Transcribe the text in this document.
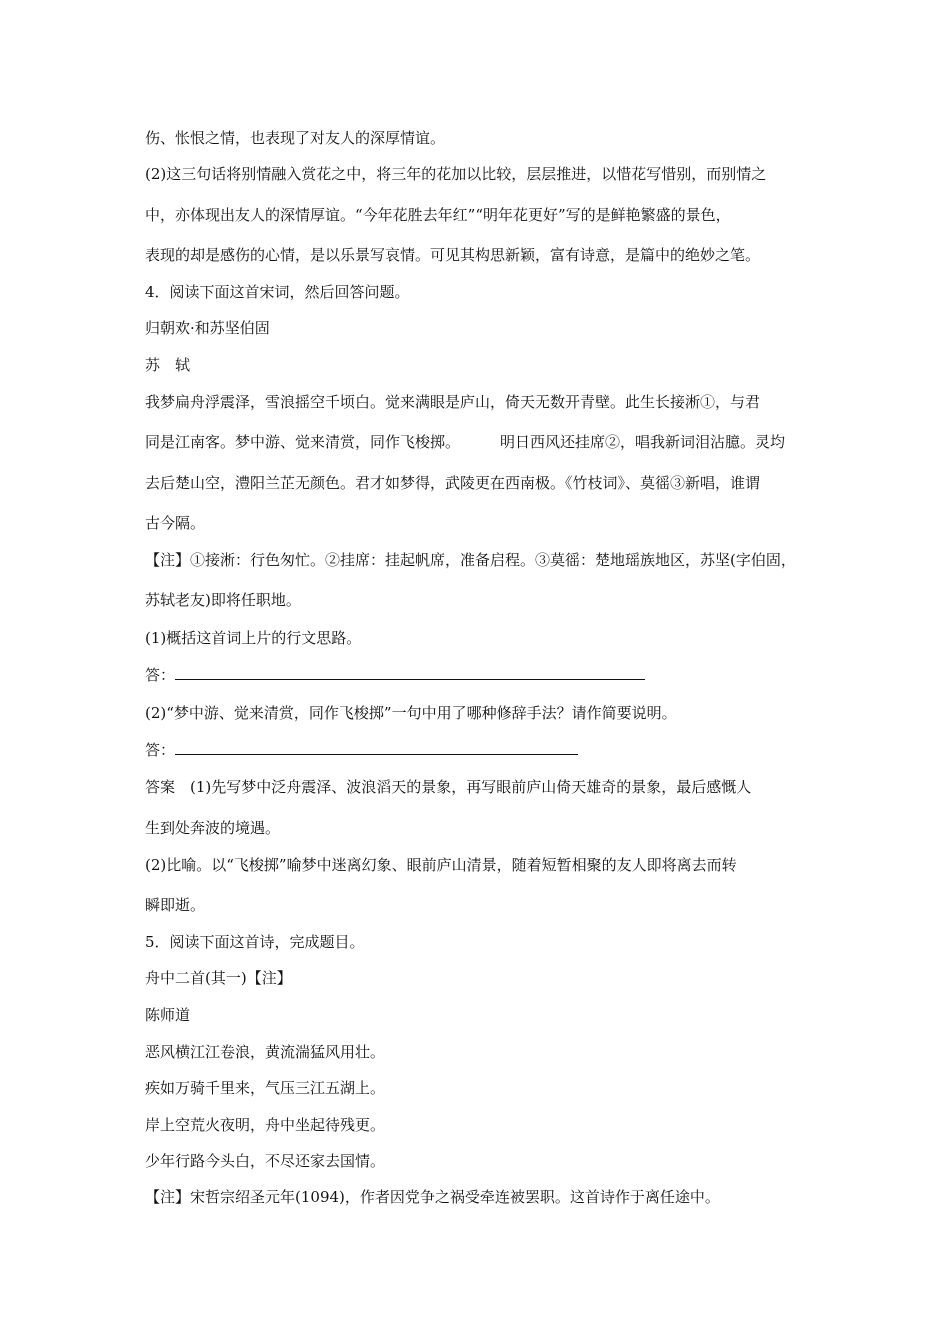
伤、怅恨之情，也表现了对友人的深厚情谊。
(2)这三句话将别情融入赏花之中，将三年的花加以比较，层层推进，以惜花写惜别，而别情之
中，亦体现出友人的深情厚谊。“今年花胜去年红”“明年花更好”写的是鲜艳繁盛的景色，
表现的却是感伤的心情，是以乐景写哀情。可见其构思新颖，富有诗意，是篇中的绝妙之笔。
4．阅读下面这首宋词，然后回答问题。
归朝欢·和苏坚伯固
苏　轼
我梦扁舟浮震泽，雪浪摇空千顷白。觉来满眼是庐山，倚天无数开青壁。此生长接淅①，与君
同是江南客。梦中游、觉来清赏，同作飞梭掷。	明日西风还挂席②，唱我新词泪沾臆。灵均
去后楚山空，澧阳兰芷无颜色。君才如梦得，武陵更在西南极。《竹枝词》、莫徭③新唱，谁谓
古今隔。
【注】①接淅：行色匆忙。②挂席：挂起帆席，准备启程。③莫徭：楚地瑶族地区，苏坚(字伯固，
苏轼老友)即将任职地。
(1)概括这首词上片的行文思路。
答：
(2)“梦中游、觉来清赏，同作飞梭掷”一句中用了哪种修辞手法？请作简要说明。
答：
答案　(1)先写梦中泛舟震泽、波浪滔天的景象，再写眼前庐山倚天雄奇的景象，最后感慨人
生到处奔波的境遇。
(2)比喻。以“飞梭掷”喻梦中迷离幻象、眼前庐山清景，随着短暂相聚的友人即将离去而转
瞬即逝。
5．阅读下面这首诗，完成题目。
舟中二首(其一)【注】
陈师道
恶风横江江卷浪，黄流湍猛风用壮。
疾如万骑千里来，气压三江五湖上。
岸上空荒火夜明，舟中坐起待残更。
少年行路今头白，不尽还家去国情。
【注】宋哲宗绍圣元年(1094)，作者因党争之祸受牵连被罢职。这首诗作于离任途中。
